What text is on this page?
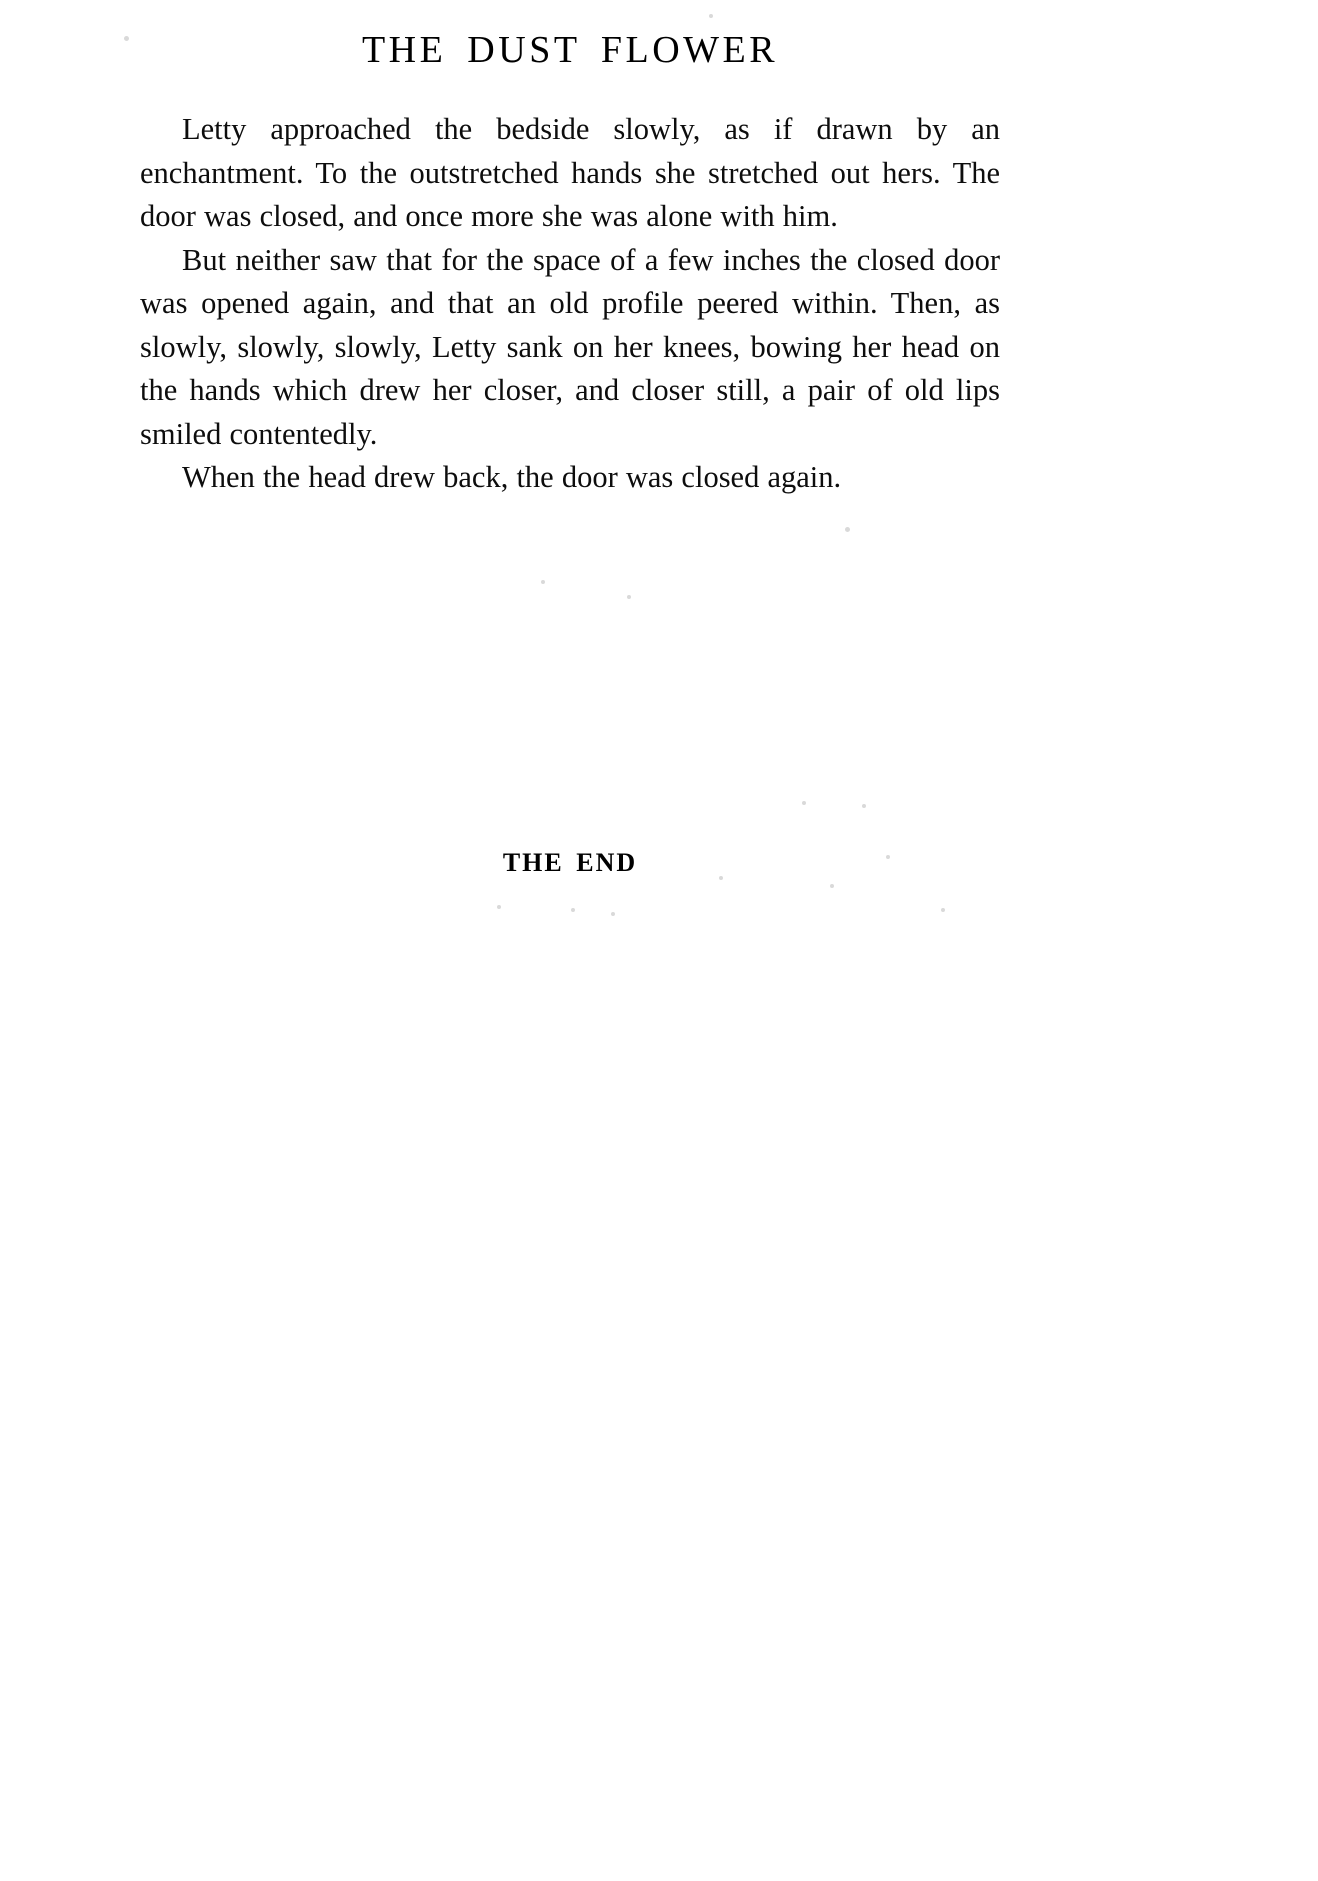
THE DUST FLOWER

Letty approached the bedside slowly, as if drawn by an enchantment. To the outstretched hands she stretched out hers. The door was closed, and once more she was alone with him.

But neither saw that for the space of a few inches the closed door was opened again, and that an old profile peered within. Then, as slowly, slowly, slowly, Letty sank on her knees, bowing her head on the hands which drew her closer, and closer still, a pair of old lips smiled contentedly.

When the head drew back, the door was closed again.

THE END
